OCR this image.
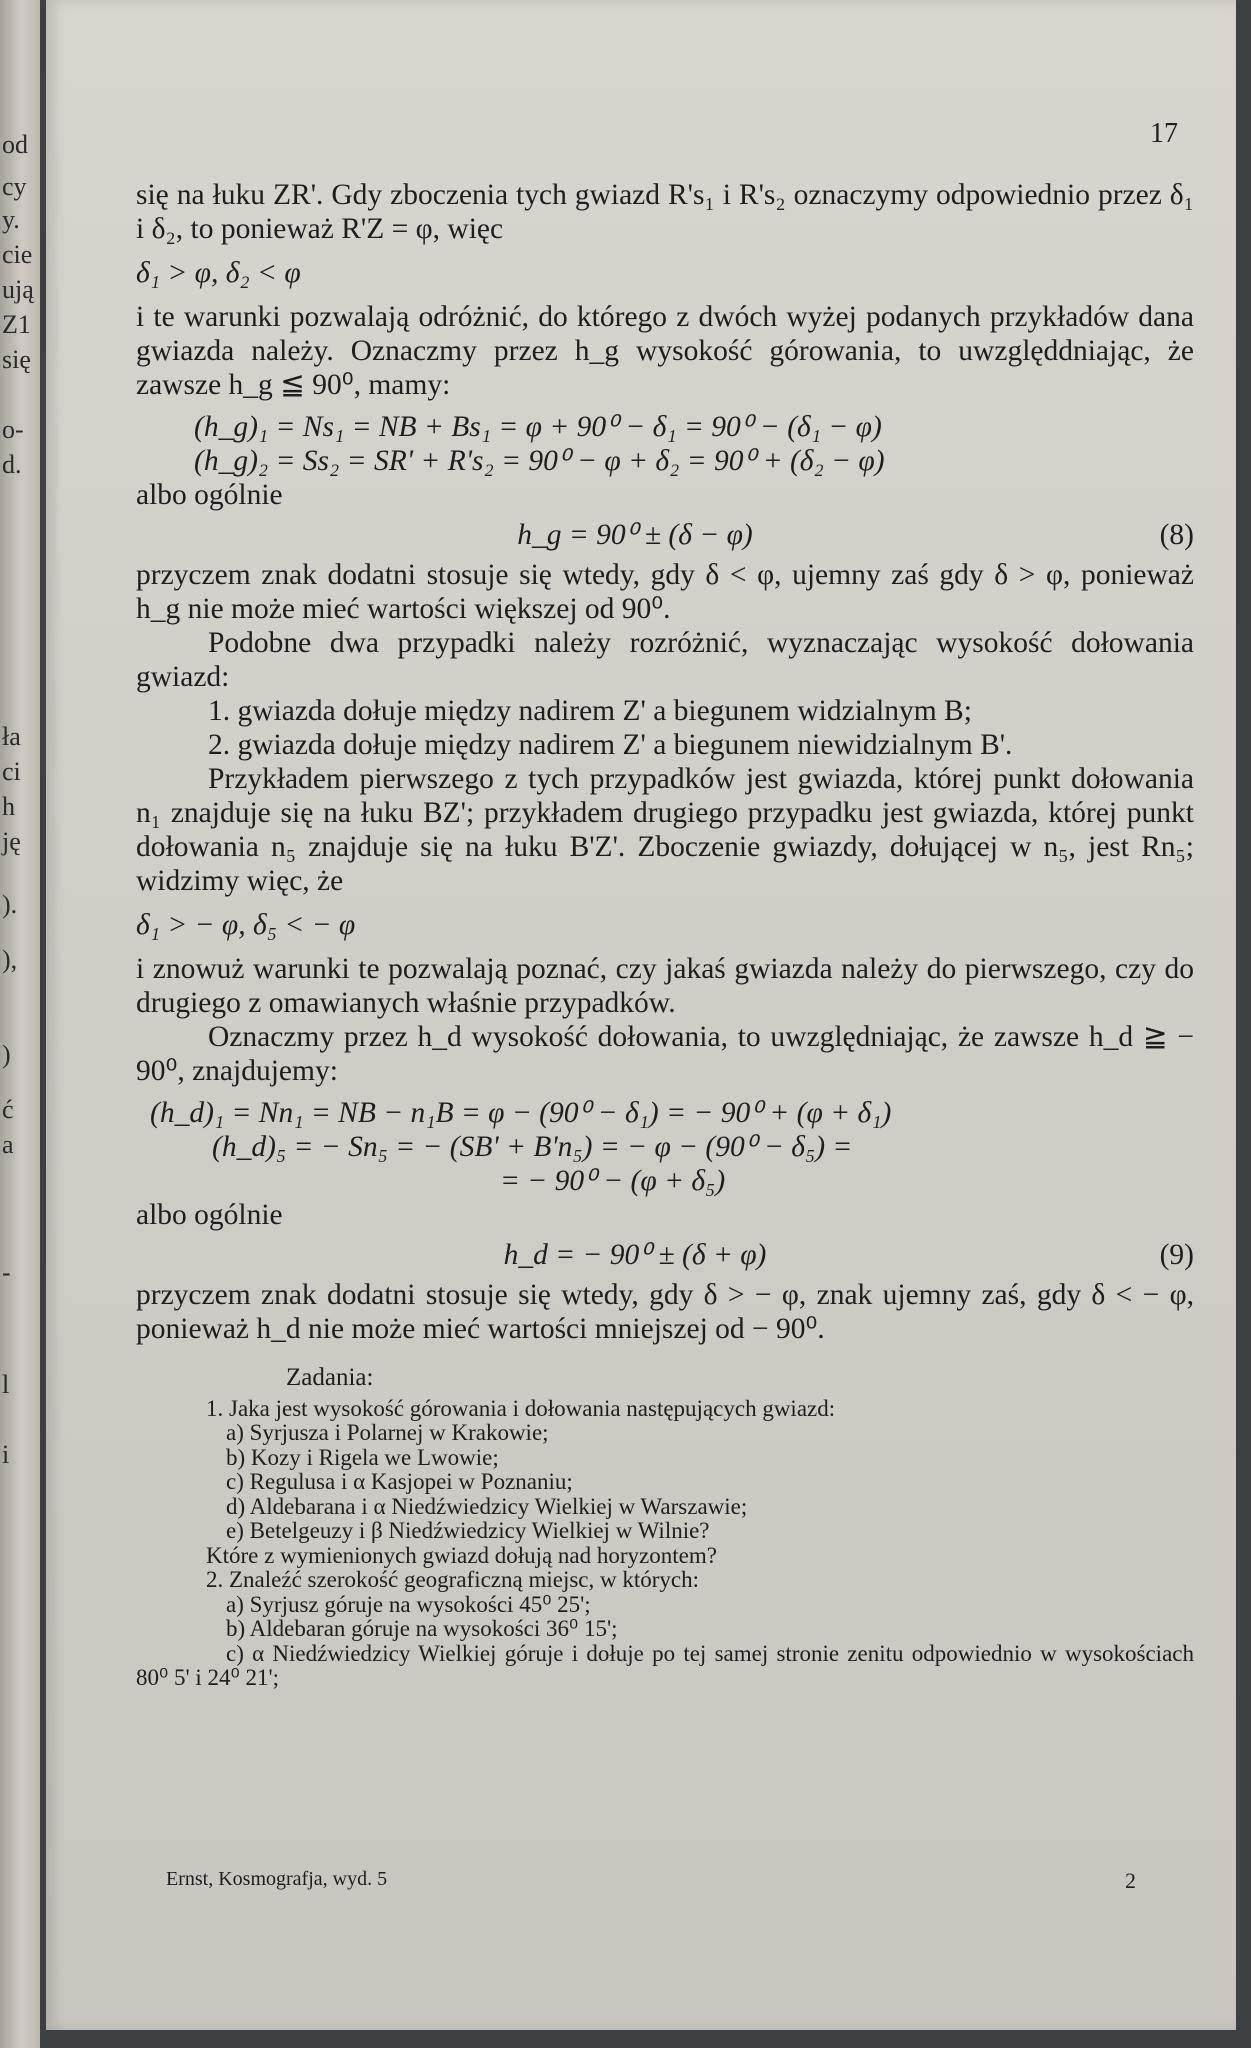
od
cy
y.
cie
ują
Z1
się
o-
d.
ła
ci
h
ję
).
),
)
ć
a
-
l
i
17

się na łuku ZR'. Gdy zboczenia tych gwiazd R's₁ i R's₂ oznaczymy odpowiednio przez δ₁ i δ₂, to ponieważ R'Z = φ, więc

δ₁ > φ, δ₂ < φ

i te warunki pozwalają odróżnić, do którego z dwóch wyżej podanych przykładów dana gwiazda należy. Oznaczmy przez h_g wysokość górowania, to uwzględdniając, że zawsze h_g ≦ 90⁰, mamy:

(h_g)₁ = Ns₁ = NB + Bs₁ = φ + 90⁰ − δ₁ = 90⁰ − (δ₁ − φ)

(h_g)₂ = Ss₂ = SR' + R's₂ = 90⁰ − φ + δ₂ = 90⁰ + (δ₂ − φ)

albo ogólnie

h_g = 90⁰ ± (δ − φ)	(8)

przyczem znak dodatni stosuje się wtedy, gdy δ < φ, ujemny zaś gdy δ > φ, ponieważ h_g nie może mieć wartości większej od 90⁰.

Podobne dwa przypadki należy rozróżnić, wyznaczając wysokość dołowania gwiazd:

1. gwiazda dołuje między nadirem Z' a biegunem widzialnym B;

2. gwiazda dołuje między nadirem Z' a biegunem niewidzialnym B'.

Przykładem pierwszego z tych przypadków jest gwiazda, której punkt dołowania n₁ znajduje się na łuku BZ'; przykładem drugiego przypadku jest gwiazda, której punkt dołowania n₅ znajduje się na łuku B'Z'. Zboczenie gwiazdy, dołującej w n₅, jest Rn₅; widzimy więc, że

δ₁ > − φ, δ₅ < − φ

i znowuż warunki te pozwalają poznać, czy jakaś gwiazda należy do pierwszego, czy do drugiego z omawianych właśnie przypadków.

Oznaczmy przez h_d wysokość dołowania, to uwzględniając, że zawsze h_d ≧ − 90⁰, znajdujemy:

(h_d)₁ = Nn₁ = NB − n₁B = φ − (90⁰ − δ₁) = − 90⁰ + (φ + δ₁)

(h_d)₅ = − Sn₅ = − (SB' + B'n₅) = − φ − (90⁰ − δ₅) =

= − 90⁰ − (φ + δ₅)

albo ogólnie

h_d = − 90⁰ ± (δ + φ)	(9)

przyczem znak dodatni stosuje się wtedy, gdy δ > − φ, znak ujemny zaś, gdy δ < − φ, ponieważ h_d nie może mieć wartości mniejszej od − 90⁰.

Zadania:

1. Jaka jest wysokość górowania i dołowania następujących gwiazd:

a) Syrjusza i Polarnej w Krakowie;

b) Kozy i Rigela we Lwowie;

c) Regulusa i α Kasjopei w Poznaniu;

d) Aldebarana i α Niedźwiedzicy Wielkiej w Warszawie;

e) Betelgeuzy i β Niedźwiedzicy Wielkiej w Wilnie?

Które z wymienionych gwiazd dołują nad horyzontem?

2. Znaleźć szerokość geograficzną miejsc, w których:

a) Syrjusz góruje na wysokości 45⁰ 25';

b) Aldebaran góruje na wysokości 36⁰ 15';

c) α Niedźwiedzicy Wielkiej góruje i dołuje po tej samej stronie zenitu odpowiednio w wysokościach 80⁰ 5' i 24⁰ 21';

Ernst, Kosmografja, wyd. 5	2
